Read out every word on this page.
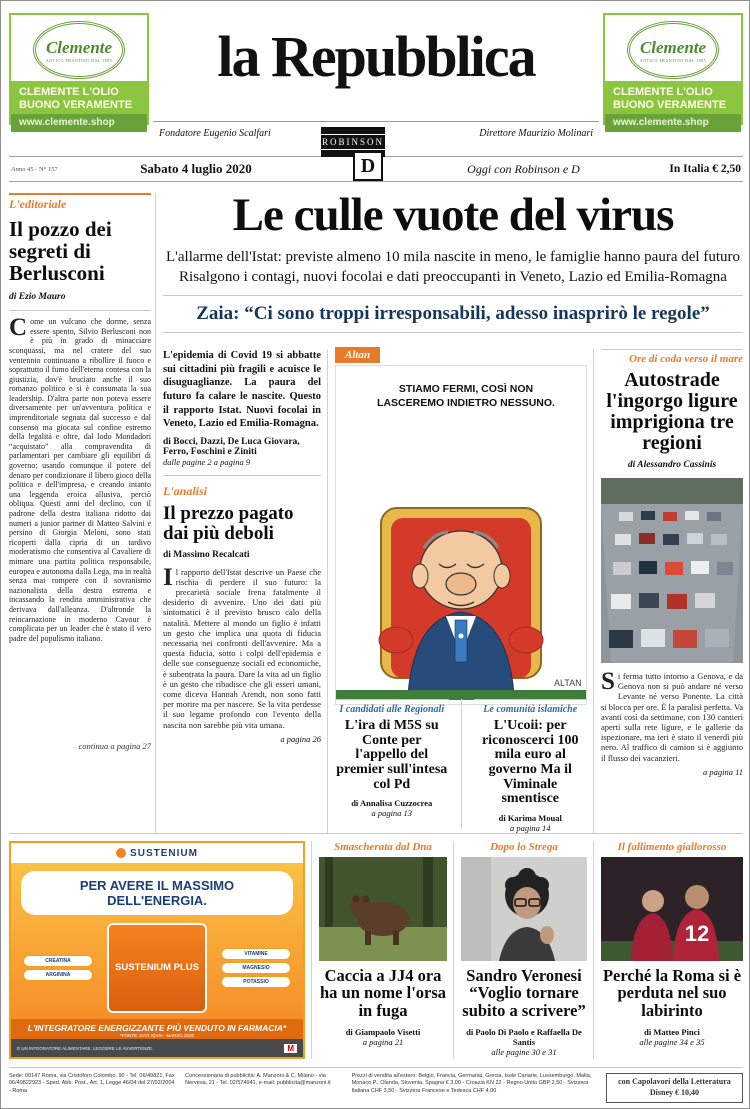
Clemente
ANTICO FRANTOIO DAL 1895
CLEMENTE L'OLIO
BUONO VERAMENTE
www.clemente.shop
Clemente
ANTICO FRANTOIO DAL 1895
CLEMENTE L'OLIO
BUONO VERAMENTE
www.clemente.shop
la Repubblica
Fondatore Eugenio Scalfari	Direttore Maurizio Molinari
ROBINSON
D
Anno 45 - N° 157	Sabato 4 luglio 2020	Oggi con Robinson e D	In Italia € 2,50
L'editoriale
Il pozzo dei segreti di Berlusconi
di Ezio Mauro
Come un vulcano che dorme, senza essere spento, Silvio Berlusconi non è più in grado di minacciare sconquassi, ma nel cratere del suo ventennio continuano a ribollire il fuoco e soprattutto il fumo dell'eterna contesa con la giustizia, dov'è bruciato anche il suo romanzo politico e si è consumata la sua leadership. D'altra parte non poteva essere diversamente per un'avventura politica e imprenditoriale segnata dal successo e dal consenso ma giocata sul confine estremo della legalità e oltre, dal lodo Mondadori “acquistato” alla compravendita di parlamentari per cambiare gli equilibri di governo; usando comunque il potere del denaro per condizionare il libero gioco della politica e dell'impresa, e creando intanto una leggenda eroica allusiva, perciò obliqua. Questi anni del declino, con il padrone della destra italiana ridotto dai numeri a junior partner di Matteo Salvini e persino di Giorgia Meloni, sono stati ricoperti dalla cipria di un tardivo moderatismo che consentiva al Cavaliere di mimare una partita politica responsabile, europea e autonoma dalla Lega, ma in realtà senza mai rompere con il sovranismo nazionalista della destra estrema e incassando la rendita amministrativa che derivava dall'alleanza. D'altronde la reincarnazione in moderno Cavour è complicata per un leader che è stato il vero padre del populismo italiano.
continua a pagina 27
Le culle vuote del virus
L'allarme dell'Istat: previste almeno 10 mila nascite in meno, le famiglie hanno paura del futuro
Risalgono i contagi, nuovi focolai e dati preoccupanti in Veneto, Lazio ed Emilia-Romagna
Zaia: “Ci sono troppi irresponsabili, adesso inasprirò le regole”
L'epidemia di Covid 19 si abbatte sui cittadini più fragili e acuisce le disuguaglianze. La paura del futuro fa calare le nascite. Questo il rapporto Istat. Nuovi focolai in Veneto, Lazio ed Emilia-Romagna.
di Bocci, Dazzi, De Luca Giovara, Ferro, Foschini e Ziniti
dalle pagine 2 a pagina 9
L'analisi
Il prezzo pagato dai più deboli
di Massimo Recalcati
Il rapporto dell'Istat descrive un Paese che rischia di perdere il suo futuro: la precarietà sociale frena fatalmente il desiderio di avvenire. Uno dei dati più sintomatici è il previsto brusco calo della natalità. Mettere al mondo un figlio è infatti un gesto che implica una quota di fiducia necessaria nei confronti dell'avvenire. Ma a questa fiducia, sotto i colpi dell'epidemia e delle sue conseguenze sociali ed economiche, è subentrata la paura. Dare la vita ad un figlio è un gesto che ribadisce che gli esseri umani, come diceva Hannah Arendt, non sono fatti per morire ma per nascere. Se la vita perdesse il suo legame profondo con l'evento della nascita non sarebbe più vita umana.
a pagina 26
Altan
STIAMO FERMI, COSÌ NON LASCEREMO INDIETRO NESSUNO.
ALTAN
I candidati alle Regionali
L'ira di M5S su Conte per l'appello del premier sull'intesa col Pd
di Annalisa Cuzzocrea
a pagina 13
Le comunità islamiche
L'Ucoii: per riconoscerci 100 mila euro al governo Ma il Viminale smentisce
di Karima Moual
a pagina 14
Ore di coda verso il mare
Autostrade l'ingorgo ligure imprigiona tre regioni
di Alessandro Cassinis
Si ferma tutto intorno a Genova, e da Genova non si può andare né verso Levante né verso Ponente. La città si blocca per ore. È la paralisi perfetta. Va avanti così da settimane, con 130 cantieri aperti sulla rete ligure, e le gallerie da ispezionare, ma ieri è stato il venerdì più nero. Al traffico di camion si è aggiunto il flusso dei vacanzieri.
a pagina 11
SUSTENIUM
PER AVERE IL MASSIMO DELL'ENERGIA.
CREATINA
ARGININA
SUSTENIUM PLUS
VITAMINE
MAGNESIO
POTASSIO
L'INTEGRATORE ENERGIZZANTE PIÙ VENDUTO IN FARMACIA*
*FONTE: DATI IQVIA - MARZO 2020
È UN INTEGRATORE ALIMENTARE. LEGGERE LE AVVERTENZE.	M
Smascherata dal Dna
Caccia a JJ4 ora ha un nome l'orsa in fuga
di Giampaolo Visetti
a pagina 21
Dopo lo Strega
Sandro Veronesi “Voglio tornare subito a scrivere”
di Paolo Di Paolo e Raffaella De Santis
alle pagine 30 e 31
Il fallimento giallorosso
12
Perché la Roma si è perduta nel suo labirinto
di Matteo Pinci
alle pagine 34 e 35
Sede: 00147 Roma, via Cristoforo Colombo, 90 - Tel. 06/49821, Fax 06/49822923 - Sped. Abb. Post., Art. 1, Legge 46/04 del 27/02/2004 - Roma
Concessionaria di pubblicità: A. Manzoni & C. Milano - via Nervesa, 21 - Tel. 02/574941, e-mail: pubblicita@manzoni.it
Prezzi di vendita all'estero: Belgio, Francia, Germania, Grecia, Isole Canarie, Lussemburgo, Malta, Monaco P., Olanda, Slovenia, Spagna € 3,00 - Croazia KN 22 - Regno Unito GBP 2,50 - Svizzera Italiana CHF 3,50 - Svizzera Francese e Tedesca CHF 4,00
con Capolavori della Letteratura Disney € 10,40
